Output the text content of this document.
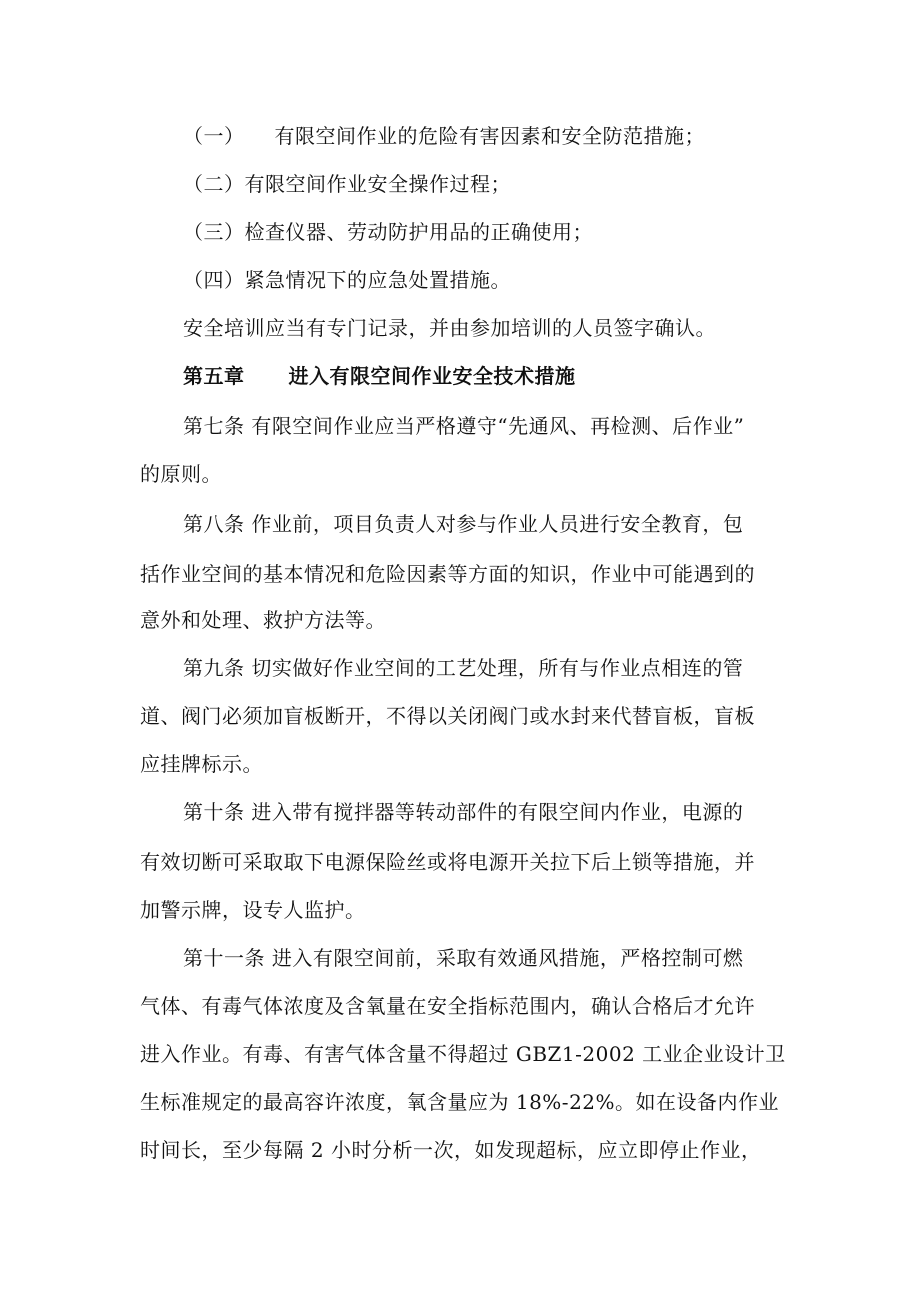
（一） 有限空间作业的危险有害因素和安全防范措施；
（二）有限空间作业安全操作过程；
（三）检查仪器、劳动防护用品的正确使用；
（四）紧急情况下的应急处置措施。
安全培训应当有专门记录，并由参加培训的人员签字确认。
第五章 进入有限空间作业安全技术措施
第七条 有限空间作业应当严格遵守“先通风、再检测、后作业”
的原则。
第八条 作业前，项目负责人对参与作业人员进行安全教育，包
括作业空间的基本情况和危险因素等方面的知识，作业中可能遇到的
意外和处理、救护方法等。
第九条 切实做好作业空间的工艺处理，所有与作业点相连的管
道、阀门必须加盲板断开，不得以关闭阀门或水封来代替盲板，盲板
应挂牌标示。
第十条 进入带有搅拌器等转动部件的有限空间内作业，电源的
有效切断可采取取下电源保险丝或将电源开关拉下后上锁等措施，并
加警示牌，设专人监护。
第十一条 进入有限空间前，采取有效通风措施，严格控制可燃
气体、有毒气体浓度及含氧量在安全指标范围内，确认合格后才允许
进入作业。有毒、有害气体含量不得超过 GBZ1-2002 工业企业设计卫
生标准规定的最高容许浓度，氧含量应为 18%-22%。如在设备内作业
时间长，至少每隔 2 小时分析一次，如发现超标，应立即停止作业，
